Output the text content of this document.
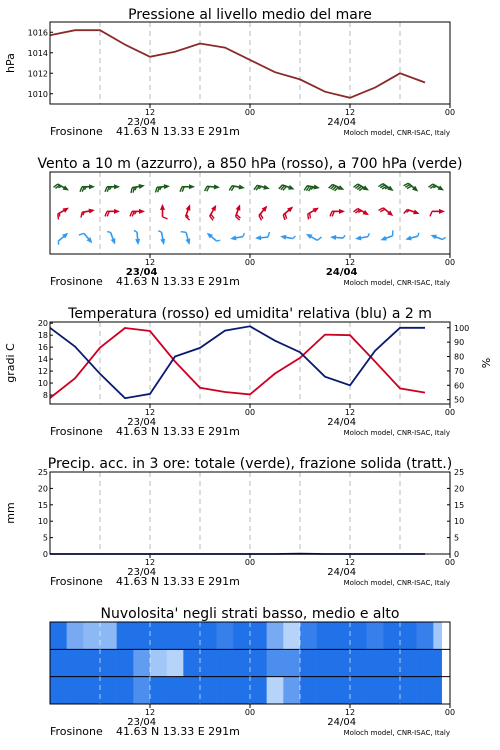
Pressione al livello medio del mare
12	00	12	00
23/04	24/04
Frosinone 41.63 N 13.33 E 291m	Moloch model, CNR-ISAC, Italy
1010
1012
1014
1016
hPa
Vento a 10 m (azzurro), a 850 hPa (rosso), a 700 hPa (verde)
12	00	12	00
23/04	24/04
Frosinone 41.63 N 13.33 E 291m	Moloch model, CNR-ISAC, Italy
Temperatura (rosso) ed umidita' relativa (blu) a 2 m
12	00	12	00
23/04	24/04
Frosinone 41.63 N 13.33 E 291m	Moloch model, CNR-ISAC, Italy
8
10
12
14
16
18
20
gradi C
50
60
70
80
90
100
%
Precip. acc. in 3 ore: totale (verde), frazione solida (tratt.)
12	00	12	00
23/04	24/04
Frosinone 41.63 N 13.33 E 291m	Moloch model, CNR-ISAC, Italy
0
5
10
15
20
25
mm
0
5
10
15
20
25
Nuvolosita' negli strati basso, medio e alto
12	00	12	00
23/04	24/04
Frosinone 41.63 N 13.33 E 291m	Moloch model, CNR-ISAC, Italy
